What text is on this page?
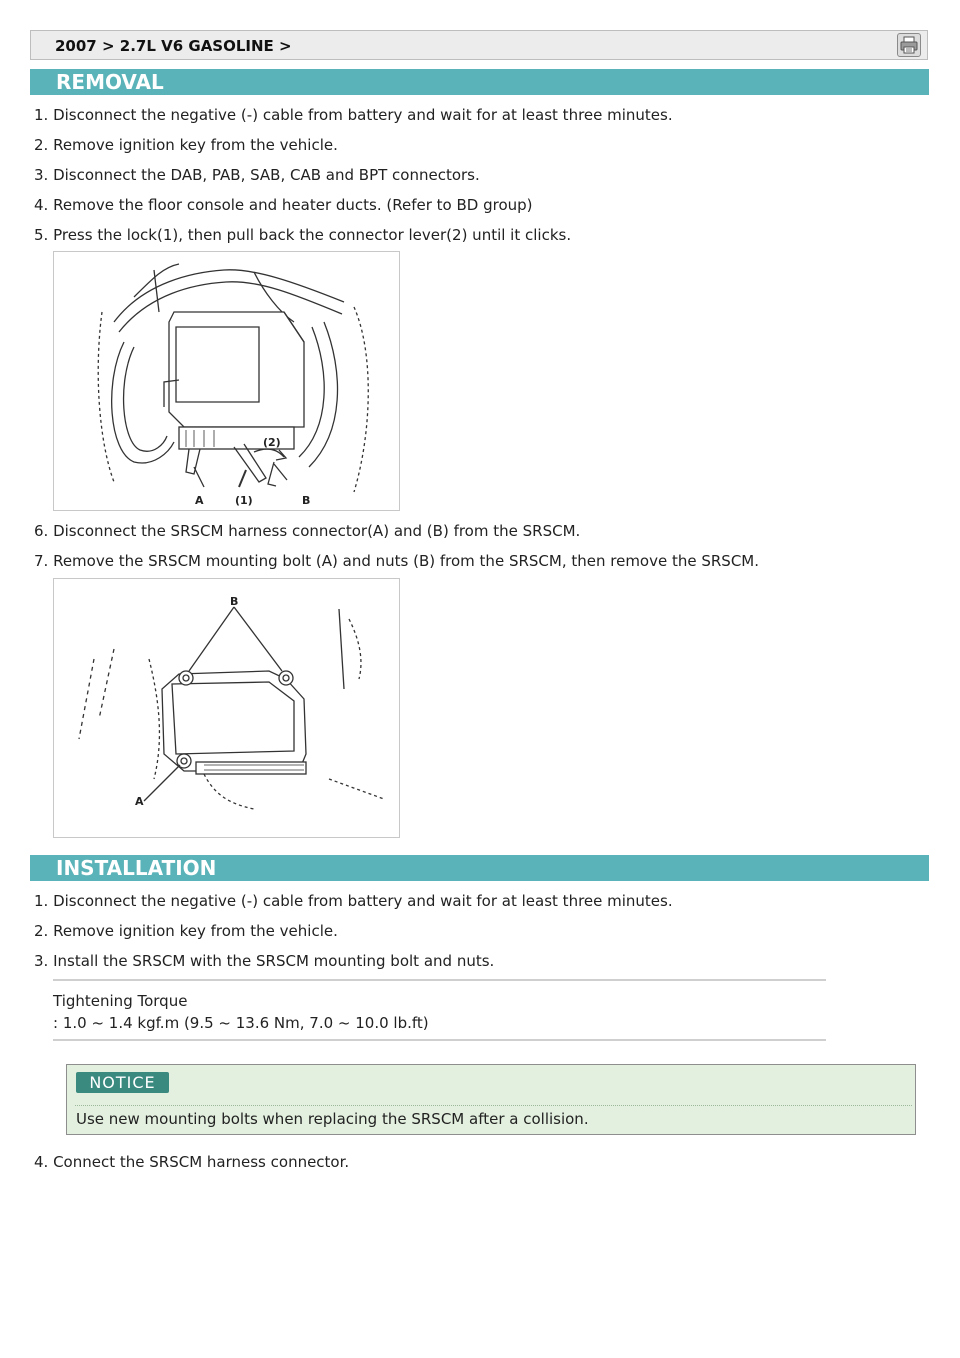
2007 > 2.7L V6 GASOLINE >
REMOVAL
1. Disconnect the negative (-) cable from battery and wait for at least three minutes.
2. Remove ignition key from the vehicle.
3. Disconnect the DAB, PAB, SAB, CAB and BPT connectors.
4. Remove the floor console and heater ducts. (Refer to BD group)
5. Press the lock(1), then pull back the connector lever(2) until it clicks.
A	(1)	B
(2)
6. Disconnect the SRSCM harness connector(A) and (B) from the SRSCM.
7. Remove the SRSCM mounting bolt (A) and nuts (B) from the SRSCM, then remove the SRSCM.
B
A
INSTALLATION
1. Disconnect the negative (-) cable from battery and wait for at least three minutes.
2. Remove ignition key from the vehicle.
3. Install the SRSCM with the SRSCM mounting bolt and nuts.
Tightening Torque
: 1.0 ~ 1.4 kgf.m (9.5 ~ 13.6 Nm, 7.0 ~ 10.0 lb.ft)
NOTICE
Use new mounting bolts when replacing the SRSCM after a collision.
4. Connect the SRSCM harness connector.
